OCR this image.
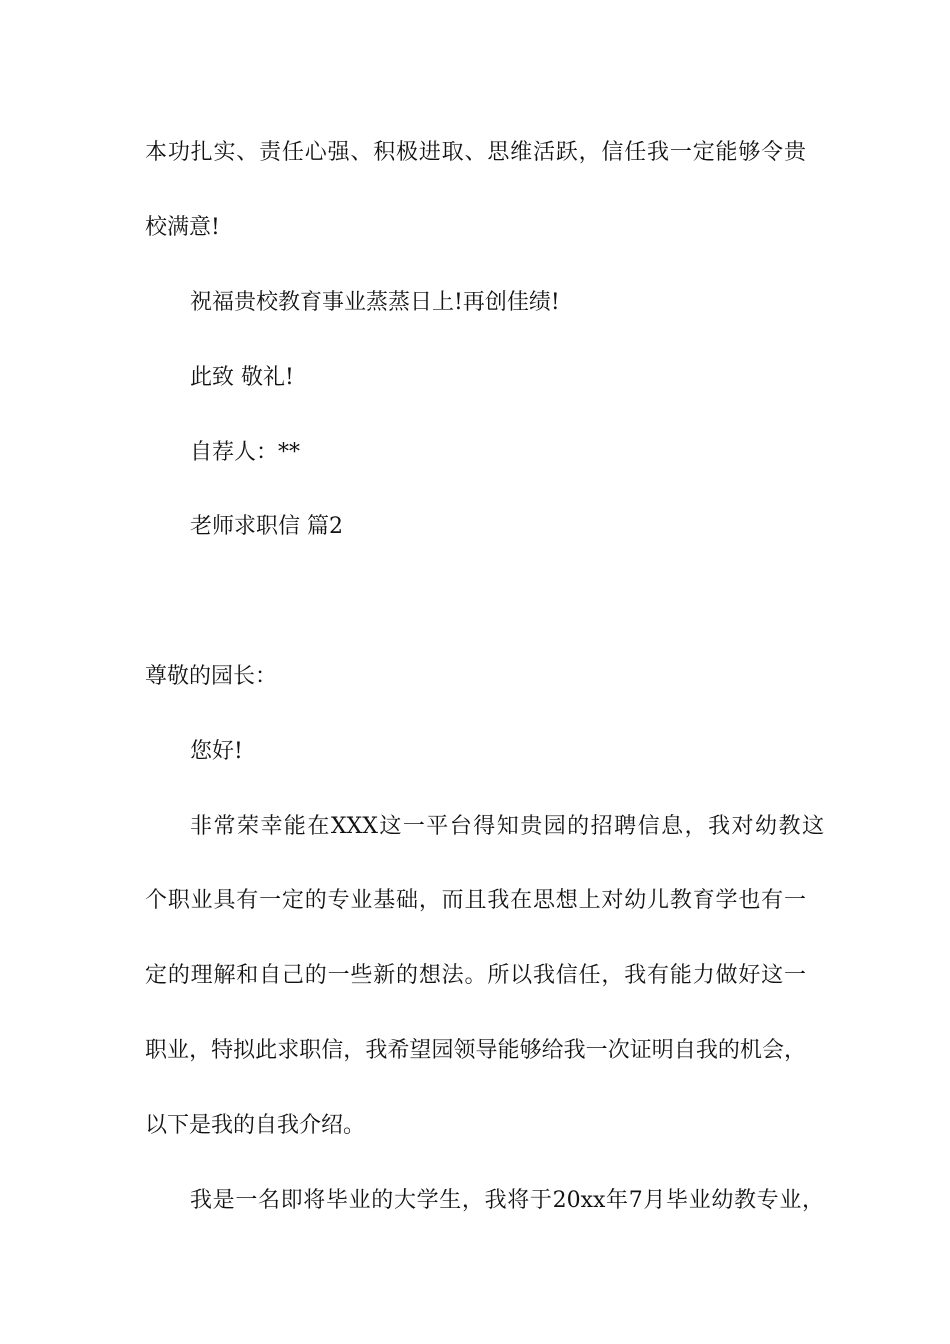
本功扎实、责任心强、积极进取、思维活跃，信任我一定能够令贵
校满意!
祝福贵校教育事业蒸蒸日上!再创佳绩!
此致 敬礼!
自荐人：**
老师求职信 篇2
尊敬的园长：
您好!
非常荣幸能在XXX这一平台得知贵园的招聘信息，我对幼教这
个职业具有一定的专业基础，而且我在思想上对幼儿教育学也有一
定的理解和自己的一些新的想法。所以我信任，我有能力做好这一
职业，特拟此求职信，我希望园领导能够给我一次证明自我的机会，
以下是我的自我介绍。
我是一名即将毕业的大学生，我将于20xx年7月毕业幼教专业，
